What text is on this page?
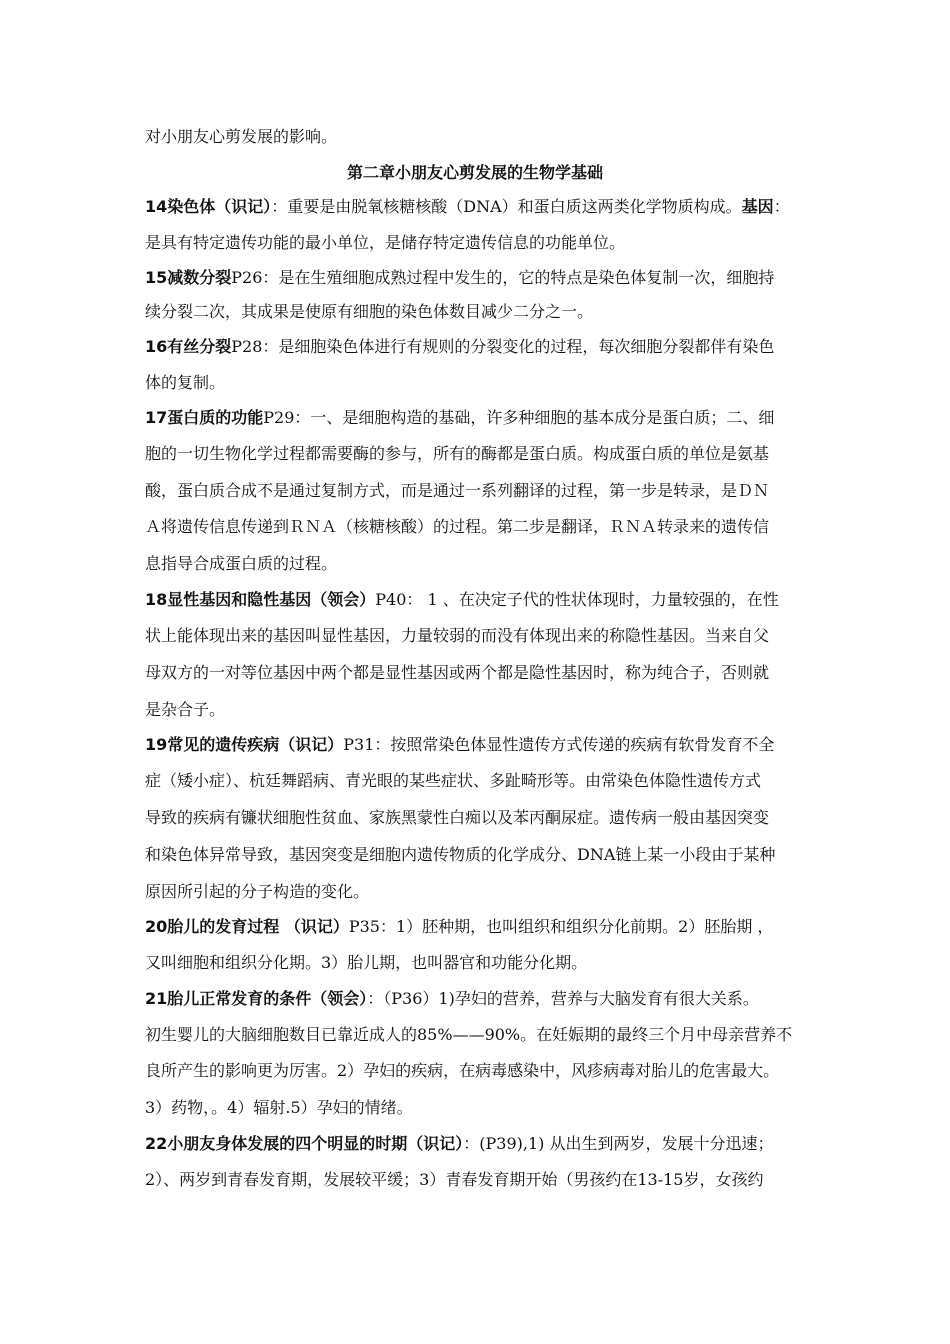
对小朋友心剪发展的影响。
第二章小朋友心剪发展的生物学基础
14染色体（识记）：重要是由脱氧核糖核酸（DNA）和蛋白质这两类化学物质构成。基因：
是具有特定遗传功能的最小单位，是储存特定遗传信息的功能单位。
15减数分裂P26：是在生殖细胞成熟过程中发生的，它的特点是染色体复制一次，细胞持
续分裂二次，其成果是使原有细胞的染色体数目减少二分之一。
16有丝分裂P28：是细胞染色体进行有规则的分裂变化的过程，每次细胞分裂都伴有染色
体的复制。
17蛋白质的功能P29：一、是细胞构造的基础，许多种细胞的基本成分是蛋白质；二、细
胞的一切生物化学过程都需要酶的参与，所有的酶都是蛋白质。构成蛋白质的单位是氨基
酸，蛋白质合成不是通过复制方式，而是通过一系列翻译的过程，第一步是转录，是ＤＮ
Ａ将遗传信息传递到ＲＮＡ（核糖核酸）的过程。第二步是翻译，ＲＮＡ转录来的遗传信
息指导合成蛋白质的过程。
18显性基因和隐性基因（领会）P40： 1 、在决定子代的性状体现时，力量较强的，在性
状上能体现出来的基因叫显性基因，力量较弱的而没有体现出来的称隐性基因。当来自父
母双方的一对等位基因中两个都是显性基因或两个都是隐性基因时，称为纯合子，否则就
是杂合子。
19常见的遗传疾病（识记）P31：按照常染色体显性遗传方式传递的疾病有软骨发育不全
症（矮小症）、杭廷舞蹈病、青光眼的某些症状、多趾畸形等。由常染色体隐性遗传方式
导致的疾病有镰状细胞性贫血、家族黑蒙性白痴以及苯丙酮尿症。遗传病一般由基因突变
和染色体异常导致，基因突变是细胞内遗传物质的化学成分、DNA链上某一小段由于某种
原因所引起的分子构造的变化。
20胎儿的发育过程 （识记）P35：1）胚种期，也叫组织和组织分化前期。2）胚胎期 ，
又叫细胞和组织分化期。3）胎儿期，也叫器官和功能分化期。
21胎儿正常发育的条件（领会）：（P36）1)孕妇的营养，营养与大脑发育有很大关系。
初生婴儿的大脑细胞数目已靠近成人的85%——90%。在妊娠期的最终三个月中母亲营养不
良所产生的影响更为厉害。2）孕妇的疾病，在病毒感染中，风疹病毒对胎儿的危害最大。
3）药物，。4）辐射.5）孕妇的情绪。
22小朋友身体发展的四个明显的时期（识记）：(P39),1) 从出生到两岁，发展十分迅速；
2）、两岁到青春发育期，发展较平缓；3）青春发育期开始（男孩约在13-15岁，女孩约
